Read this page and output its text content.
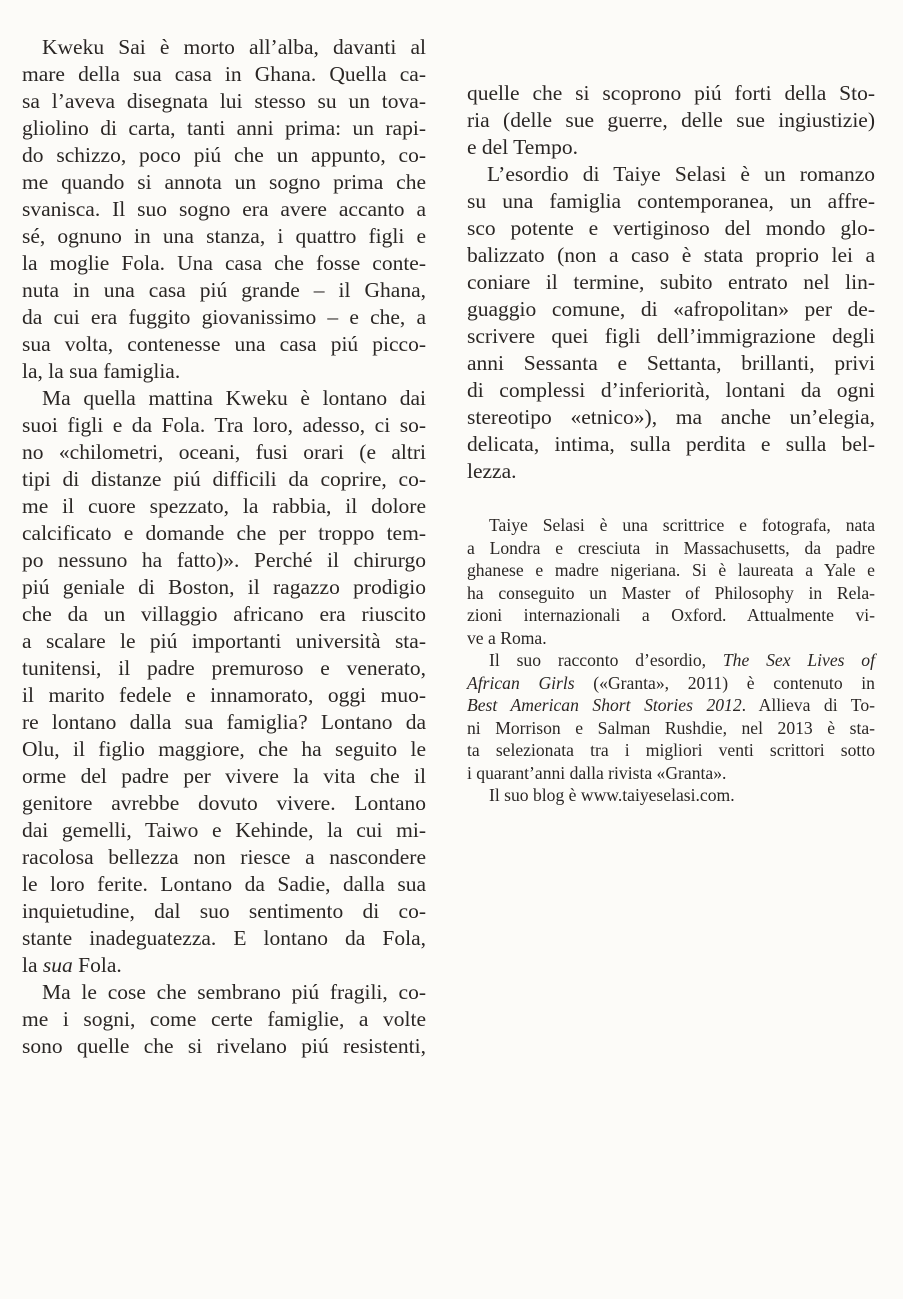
Kweku Sai è morto all’alba, davanti al
mare della sua casa in Ghana. Quella ca-
sa l’aveva disegnata lui stesso su un tova-
gliolino di carta, tanti anni prima: un rapi-
do schizzo, poco piú che un appunto, co-
me quando si annota un sogno prima che
svanisca. Il suo sogno era avere accanto a
sé, ognuno in una stanza, i quattro figli e
la moglie Fola. Una casa che fosse conte-
nuta in una casa piú grande – il Ghana,
da cui era fuggito giovanissimo – e che, a
sua volta, contenesse una casa piú picco-
la, la sua famiglia.
Ma quella mattina Kweku è lontano dai
suoi figli e da Fola. Tra loro, adesso, ci so-
no «chilometri, oceani, fusi orari (e altri
tipi di distanze piú difficili da coprire, co-
me il cuore spezzato, la rabbia, il dolore
calcificato e domande che per troppo tem-
po nessuno ha fatto)». Perché il chirurgo
piú geniale di Boston, il ragazzo prodigio
che da un villaggio africano era riuscito
a scalare le piú importanti università sta-
tunitensi, il padre premuroso e venerato,
il marito fedele e innamorato, oggi muo-
re lontano dalla sua famiglia? Lontano da
Olu, il figlio maggiore, che ha seguito le
orme del padre per vivere la vita che il
genitore avrebbe dovuto vivere. Lontano
dai gemelli, Taiwo e Kehinde, la cui mi-
racolosa bellezza non riesce a nascondere
le loro ferite. Lontano da Sadie, dalla sua
inquietudine, dal suo sentimento di co-
stante inadeguatezza. E lontano da Fola,
la sua Fola.
Ma le cose che sembrano piú fragili, co-
me i sogni, come certe famiglie, a volte
sono quelle che si rivelano piú resistenti,
quelle che si scoprono piú forti della Sto-
ria (delle sue guerre, delle sue ingiustizie)
e del Tempo.
L’esordio di Taiye Selasi è un romanzo
su una famiglia contemporanea, un affre-
sco potente e vertiginoso del mondo glo-
balizzato (non a caso è stata proprio lei a
coniare il termine, subito entrato nel lin-
guaggio comune, di «afropolitan» per de-
scrivere quei figli dell’immigrazione degli
anni Sessanta e Settanta, brillanti, privi
di complessi d’inferiorità, lontani da ogni
stereotipo «etnico»), ma anche un’elegia,
delicata, intima, sulla perdita e sulla bel-
lezza.
Taiye Selasi è una scrittrice e fotografa, nata
a Londra e cresciuta in Massachusetts, da padre
ghanese e madre nigeriana. Si è laureata a Yale e
ha conseguito un Master of Philosophy in Rela-
zioni internazionali a Oxford. Attualmente vi-
ve a Roma.
Il suo racconto d’esordio, The Sex Lives of
African Girls («Granta», 2011) è contenuto in
Best American Short Stories 2012. Allieva di To-
ni Morrison e Salman Rushdie, nel 2013 è sta-
ta selezionata tra i migliori venti scrittori sotto
i quarant’anni dalla rivista «Granta».
Il suo blog è www.taiyeselasi.com.
